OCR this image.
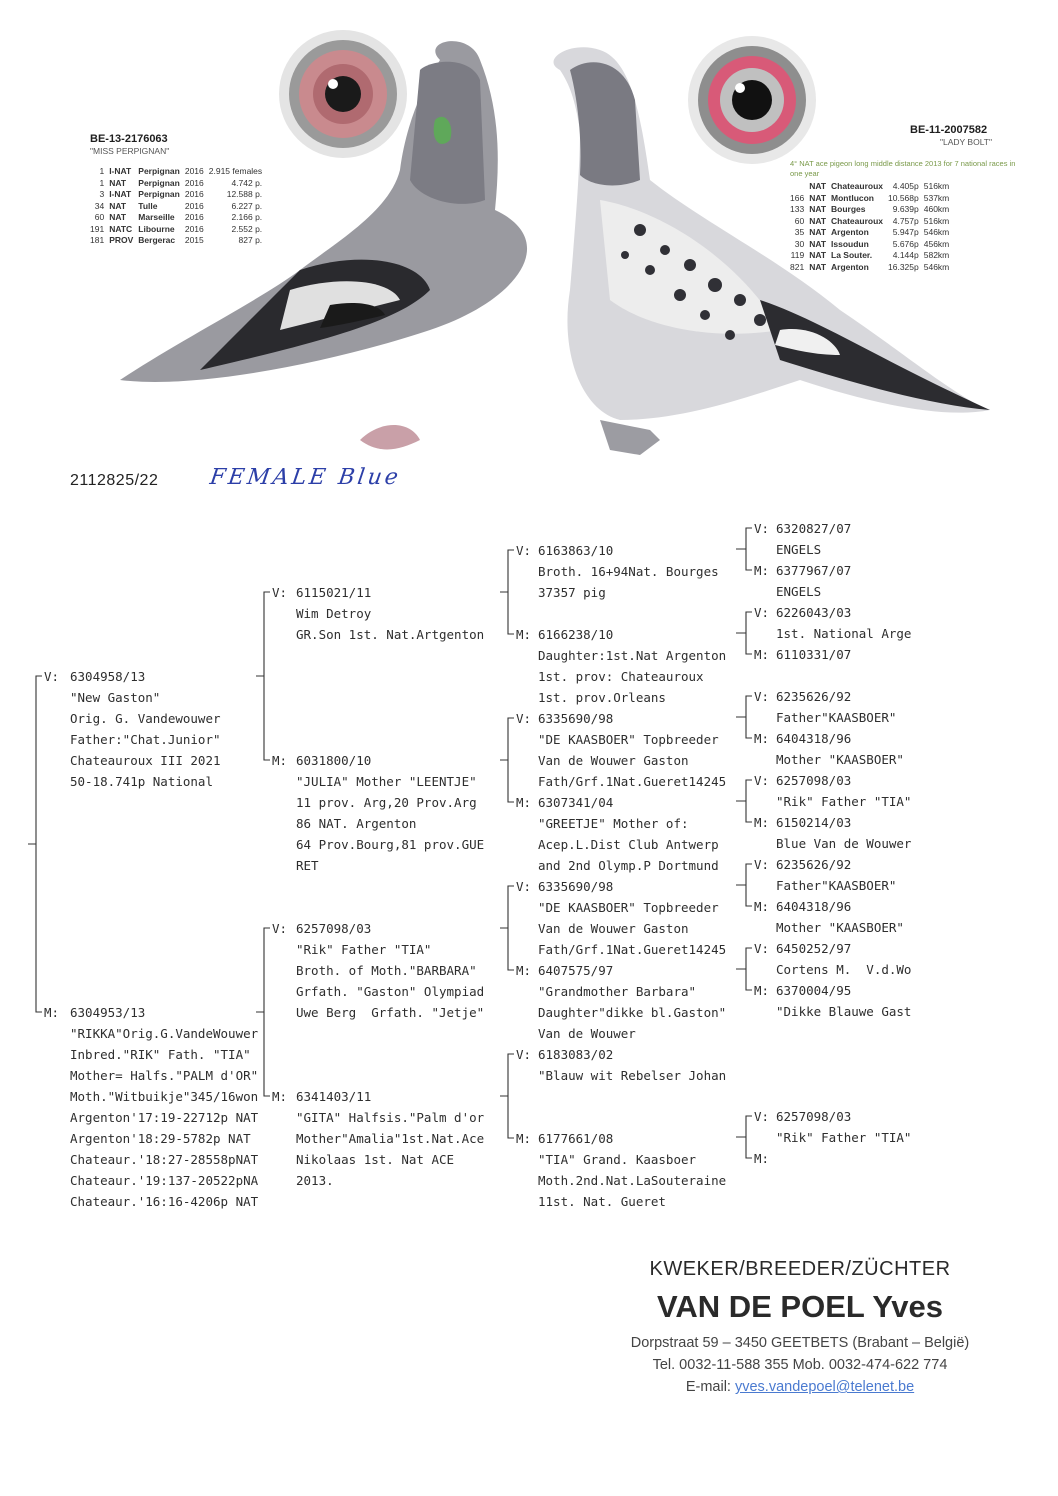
BE-13-2176063
"MISS PERPIGNAN"
1	I-NAT	Perpignan	2016	2.915 females
1	NAT	Perpignan	2016	4.742 p.
3	I-NAT	Perpignan	2016	12.588 p.
34	NAT	Tulle	2016	6.227 p.
60	NAT	Marseille	2016	2.166 p.
191	NATC	Libourne	2016	2.552 p.
181	PROV	Bergerac	2015	827 p.
BE-11-2007582
"LADY BOLT"
4° NAT ace pigeon long middle distance 2013 for 7 national races in one year
	NAT	Chateauroux	4.405p	516km
166	NAT	Montlucon	10.568p	537km
133	NAT	Bourges	9.639p	460km
60	NAT	Chateauroux	4.757p	516km
35	NAT	Argenton	5.947p	546km
30	NAT	Issoudun	5.676p	456km
119	NAT	La Souter.	4.144p	582km
821	NAT	Argenton	16.325p	546km
2112825/22 FEMALE Blue
V: 6304958/13
"New Gaston"
Orig. G. Vandewouwer
Father:"Chat.Junior"
Chateauroux III 2021
50-18.741p National
M: 6304953/13
"RIKKA"Orig.G.VandeWouwer
Inbred."RIK" Fath. "TIA"
Mother= Halfs."PALM d'OR"
Moth."Witbuikje"345/16won
Argenton'17:19-22712p NAT
Argenton'18:29-5782p NAT
Chateaur.'18:27-28558pNAT
Chateaur.'19:137-20522pNA
Chateaur.'16:16-4206p NAT
V: 6115021/11
Wim Detroy
GR.Son 1st. Nat.Artgenton
M: 6031800/10
"JULIA" Mother "LEENTJE"
11 prov. Arg,20 Prov.Arg
86 NAT. Argenton
64 Prov.Bourg,81 prov.GUE
RET
V: 6257098/03
"Rik" Father "TIA"
Broth. of Moth."BARBARA"
Grfath. "Gaston" Olympiad
Uwe Berg  Grfath. "Jetje"
M: 6341403/11
"GITA" Halfsis."Palm d'or
Mother"Amalia"1st.Nat.Ace
Nikolaas 1st. Nat ACE
2013.
V: 6163863/10
Broth. 16+94Nat. Bourges
37357 pig
M: 6166238/10
Daughter:1st.Nat Argenton
1st. prov: Chateauroux
1st. prov.Orleans
V: 6335690/98
"DE KAASBOER" Topbreeder
Van de Wouwer Gaston
Fath/Grf.1Nat.Gueret14245
M: 6307341/04
"GREETJE" Mother of:
Acep.L.Dist Club Antwerp
and 2nd Olymp.P Dortmund
V: 6335690/98
"DE KAASBOER" Topbreeder
Van de Wouwer Gaston
Fath/Grf.1Nat.Gueret14245
M: 6407575/97
"Grandmother Barbara"
Daughter"dikke bl.Gaston"
Van de Wouwer
V: 6183083/02
"Blauw wit Rebelser Johan
M: 6177661/08
"TIA" Grand. Kaasboer
Moth.2nd.Nat.LaSouteraine
11st. Nat. Gueret
V: 6320827/07
ENGELS
M: 6377967/07
ENGELS
V: 6226043/03
1st. National Arge
M: 6110331/07
V: 6235626/92
Father"KAASBOER"
M: 6404318/96
Mother "KAASBOER"
V: 6257098/03
"Rik" Father "TIA"
M: 6150214/03
Blue Van de Wouwer
V: 6235626/92
Father"KAASBOER"
M: 6404318/96
Mother "KAASBOER"
V: 6450252/97
Cortens M.  V.d.Wo
M: 6370004/95
"Dikke Blauwe Gast
V: 6257098/03
"Rik" Father "TIA"
M:
KWEKER/BREEDER/ZÜCHTER
VAN DE POEL Yves
Dorpstraat 59 – 3450 GEETBETS (Brabant – België)
Tel. 0032-11-588 355 Mob. 0032-474-622 774
E-mail: yves.vandepoel@telenet.be
